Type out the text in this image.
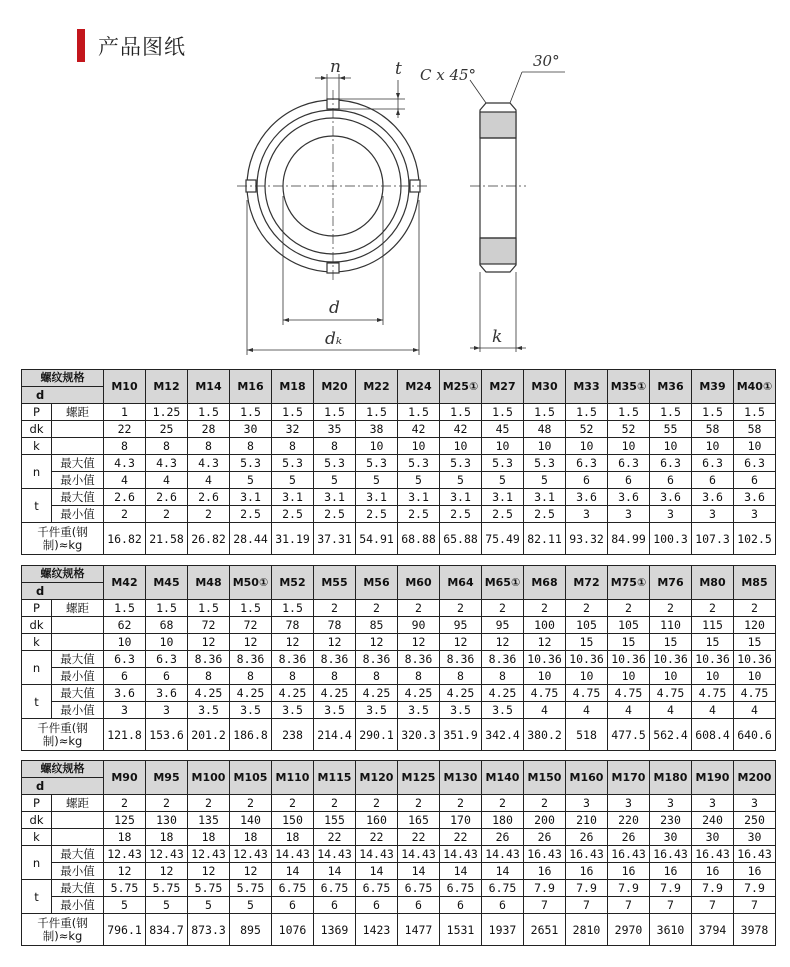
产品图纸
n	t C x 45°
30°
d
dₖ	k
螺纹规格		M10	M12	M14	M16	M18	M20	M22	M24	M25①	M27	M30	M33	M35①	M36	M39	M40①
d																	
P	螺距	1	1.25	1.5	1.5	1.5	1.5	1.5	1.5	1.5	1.5	1.5	1.5	1.5	1.5	1.5	1.5
dk		22	25	28	30	32	35	38	42	42	45	48	52	52	55	58	58
k		8	8	8	8	8	8	10	10	10	10	10	10	10	10	10	10
n	最大值	4.3	4.3	4.3	5.3	5.3	5.3	5.3	5.3	5.3	5.3	5.3	6.3	6.3	6.3	6.3	6.3
	最小值	4	4	4	5	5	5	5	5	5	5	5	6	6	6	6	6
t	最大值	2.6	2.6	2.6	3.1	3.1	3.1	3.1	3.1	3.1	3.1	3.1	3.6	3.6	3.6	3.6	3.6
	最小值	2	2	2	2.5	2.5	2.5	2.5	2.5	2.5	2.5	2.5	3	3	3	3	3
千件重(钢制)≈kg		16.82	21.58	26.82	28.44	31.19	37.31	54.91	68.88	65.88	75.49	82.11	93.32	84.99	100.3	107.3	102.5
螺纹规格		M42	M45	M48	M50①	M52	M55	M56	M60	M64	M65①	M68	M72	M75①	M76	M80	M85
d																	
P	螺距	1.5	1.5	1.5	1.5	1.5	2	2	2	2	2	2	2	2	2	2	2
dk		62	68	72	72	78	78	85	90	95	95	100	105	105	110	115	120
k		10	10	12	12	12	12	12	12	12	12	12	15	15	15	15	15
n	最大值	6.3	6.3	8.36	8.36	8.36	8.36	8.36	8.36	8.36	8.36	10.36	10.36	10.36	10.36	10.36	10.36
	最小值	6	6	8	8	8	8	8	8	8	8	10	10	10	10	10	10
t	最大值	3.6	3.6	4.25	4.25	4.25	4.25	4.25	4.25	4.25	4.25	4.75	4.75	4.75	4.75	4.75	4.75
	最小值	3	3	3.5	3.5	3.5	3.5	3.5	3.5	3.5	3.5	4	4	4	4	4	4
千件重(钢制)≈kg		121.8	153.6	201.2	186.8	238	214.4	290.1	320.3	351.9	342.4	380.2	518	477.5	562.4	608.4	640.6
螺纹规格		M90	M95	M100	M105	M110	M115	M120	M125	M130	M140	M150	M160	M170	M180	M190	M200
d																	
P	螺距	2	2	2	2	2	2	2	2	2	2	2	3	3	3	3	3
dk		125	130	135	140	150	155	160	165	170	180	200	210	220	230	240	250
k		18	18	18	18	18	22	22	22	22	26	26	26	26	30	30	30
n	最大值	12.43	12.43	12.43	12.43	14.43	14.43	14.43	14.43	14.43	14.43	16.43	16.43	16.43	16.43	16.43	16.43
	最小值	12	12	12	12	14	14	14	14	14	14	16	16	16	16	16	16
t	最大值	5.75	5.75	5.75	5.75	6.75	6.75	6.75	6.75	6.75	6.75	7.9	7.9	7.9	7.9	7.9	7.9
	最小值	5	5	5	5	6	6	6	6	6	6	7	7	7	7	7	7
千件重(钢制)≈kg		796.1	834.7	873.3	895	1076	1369	1423	1477	1531	1937	2651	2810	2970	3610	3794	3978
